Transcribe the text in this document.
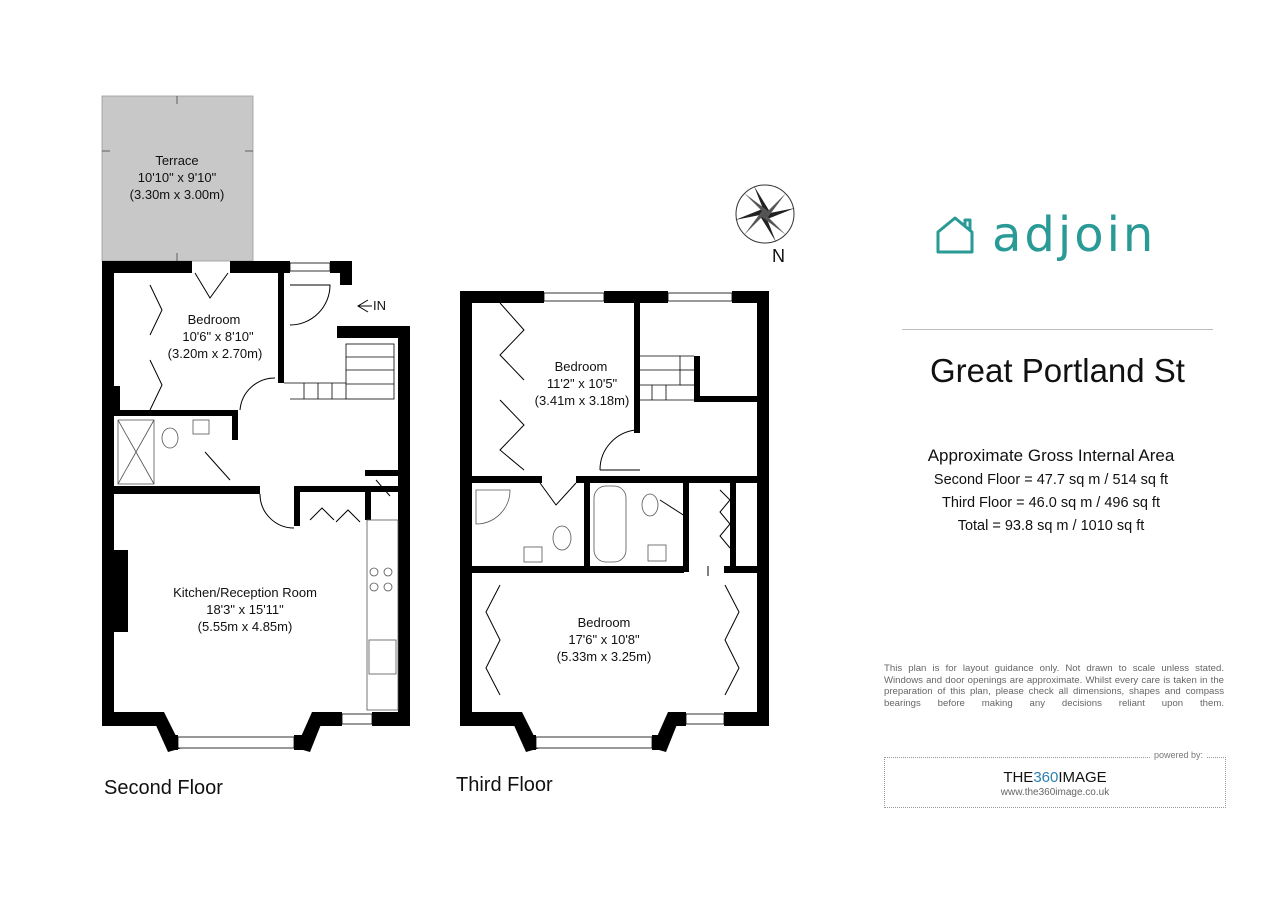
Terrace
10'10" x 9'10"
(3.30m x 3.00m)
Bedroom
10'6" x 8'10"
(3.20m x 2.70m)
Kitchen/Reception Room
18'3" x 15'11"
(5.55m x 4.85m)
Bedroom
11'2" x 10'5"
(3.41m x 3.18m)
Bedroom
17'6" x 10'8"
(5.33m x 3.25m)
N
IN
Second Floor	Third Floor
adjoin
Great Portland St
Approximate Gross Internal Area
Second Floor = 47.7 sq m / 514 sq ft
Third Floor = 46.0 sq m / 496 sq ft
Total = 93.8 sq m / 1010 sq ft
This plan is for layout guidance only. Not drawn to scale unless stated. Windows and door openings are approximate. Whilst every care is taken in the preparation of this plan, please check all dimensions, shapes and compass bearings before making any decisions reliant upon them.
powered by:
THE360IMAGE
www.the360image.co.uk
